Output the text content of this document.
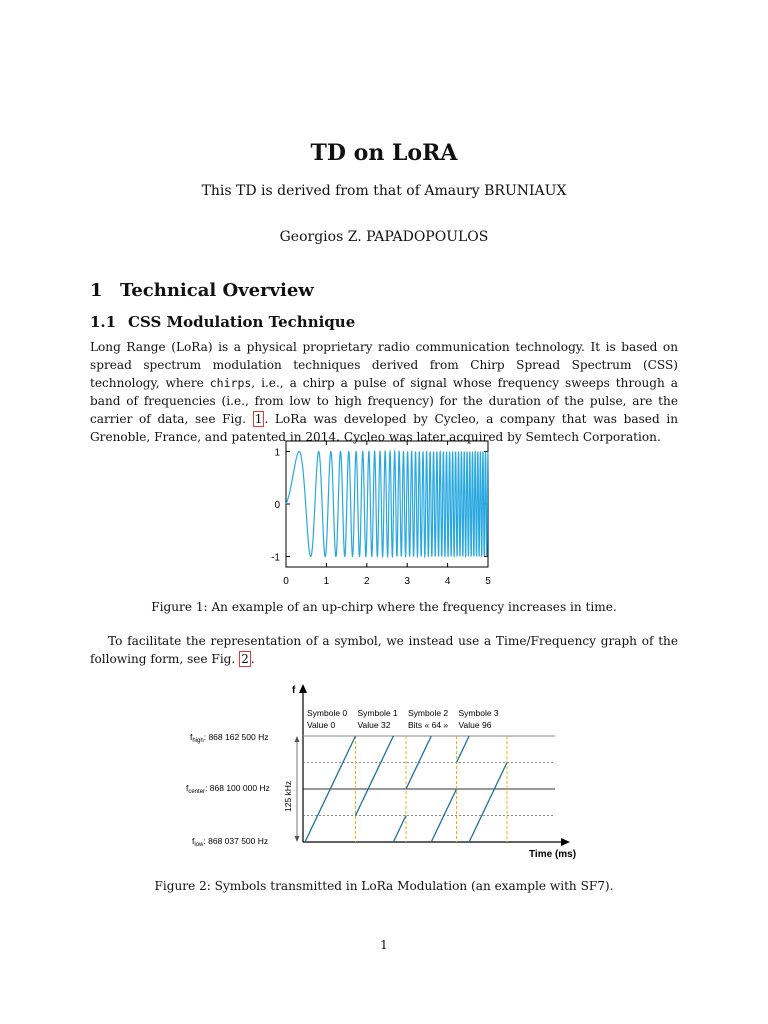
TD on LoRA
This TD is derived from that of Amaury BRUNIAUX
Georgios Z. PAPADOPOULOS
1 Technical Overview
1.1 CSS Modulation Technique
Long Range (LoRa) is a physical proprietary radio communication technology. It is based on spread spectrum modulation techniques derived from Chirp Spread Spectrum (CSS) technology, where chirps, i.e., a chirp a pulse of signal whose frequency sweeps through a band of frequencies (i.e., from low to high frequency) for the duration of the pulse, are the carrier of data, see Fig. 1 . LoRa was developed by Cycleo, a company that was based in Grenoble, France, and patented in 2014. Cycleo was later acquired by Semtech Corporation.
0	1	2	3	4	5
1
0
-1
Figure 1: An example of an up-chirp where the frequency increases in time.
To facilitate the representation of a symbol, we instead use a Time/Frequency graph of the following form, see Fig. 2 .
f
Time (ms)
125 kHz
$f_{high}$: 868 162 500 Hz
$f_{center}$: 868 100 000 Hz
$f_{low}$: 868 037 500 Hz
Symbole 0
Value 0
Symbole 1
Value 32
Symbole 2
Bits « 64 »
Symbole 3
Value 96
Figure 2: Symbols transmitted in LoRa Modulation (an example with SF7).
1
